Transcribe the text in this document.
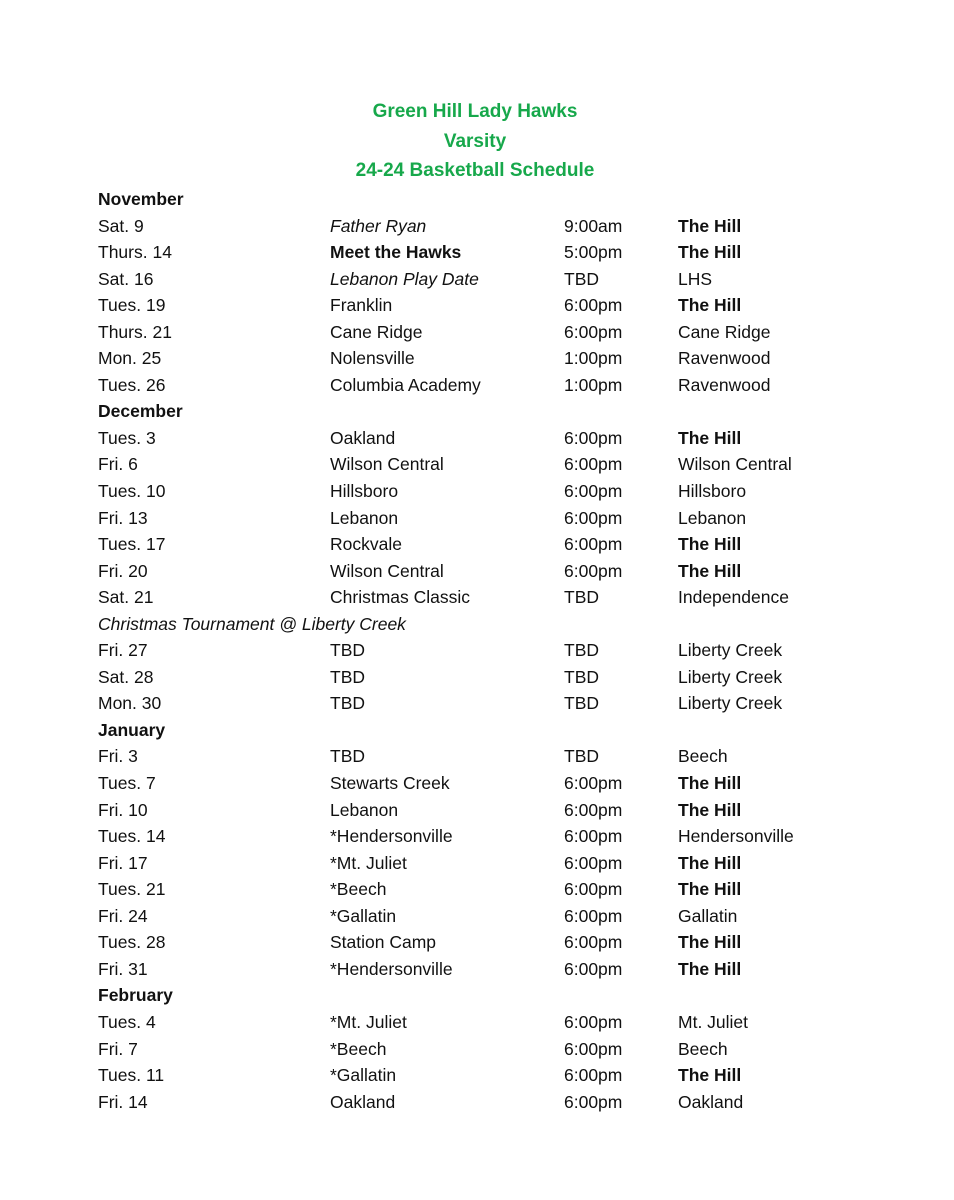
Green Hill Lady Hawks
Varsity
24-24 Basketball Schedule
November
Sat. 9	Father Ryan	9:00am	The Hill
Thurs. 14	Meet the Hawks	5:00pm	The Hill
Sat. 16	Lebanon Play Date	TBD	LHS
Tues. 19	Franklin	6:00pm	The Hill
Thurs. 21	Cane Ridge	6:00pm	Cane Ridge
Mon. 25	Nolensville	1:00pm	Ravenwood
Tues. 26	Columbia Academy	1:00pm	Ravenwood
December
Tues. 3	Oakland	6:00pm	The Hill
Fri. 6	Wilson Central	6:00pm	Wilson Central
Tues. 10	Hillsboro	6:00pm	Hillsboro
Fri. 13	Lebanon	6:00pm	Lebanon
Tues. 17	Rockvale	6:00pm	The Hill
Fri. 20	Wilson Central	6:00pm	The Hill
Sat. 21	Christmas Classic	TBD	Independence
Christmas Tournament @ Liberty Creek
Fri. 27	TBD	TBD	Liberty Creek
Sat. 28	TBD	TBD	Liberty Creek
Mon. 30	TBD	TBD	Liberty Creek
January
Fri. 3	TBD	TBD	Beech
Tues. 7	Stewarts Creek	6:00pm	The Hill
Fri. 10	Lebanon	6:00pm	The Hill
Tues. 14	*Hendersonville	6:00pm	Hendersonville
Fri. 17	*Mt. Juliet	6:00pm	The Hill
Tues. 21	*Beech	6:00pm	The Hill
Fri. 24	*Gallatin	6:00pm	Gallatin
Tues. 28	Station Camp	6:00pm	The Hill
Fri. 31	*Hendersonville	6:00pm	The Hill
February
Tues. 4	*Mt. Juliet	6:00pm	Mt. Juliet
Fri. 7	*Beech	6:00pm	Beech
Tues. 11	*Gallatin	6:00pm	The Hill
Fri. 14	Oakland	6:00pm	Oakland
